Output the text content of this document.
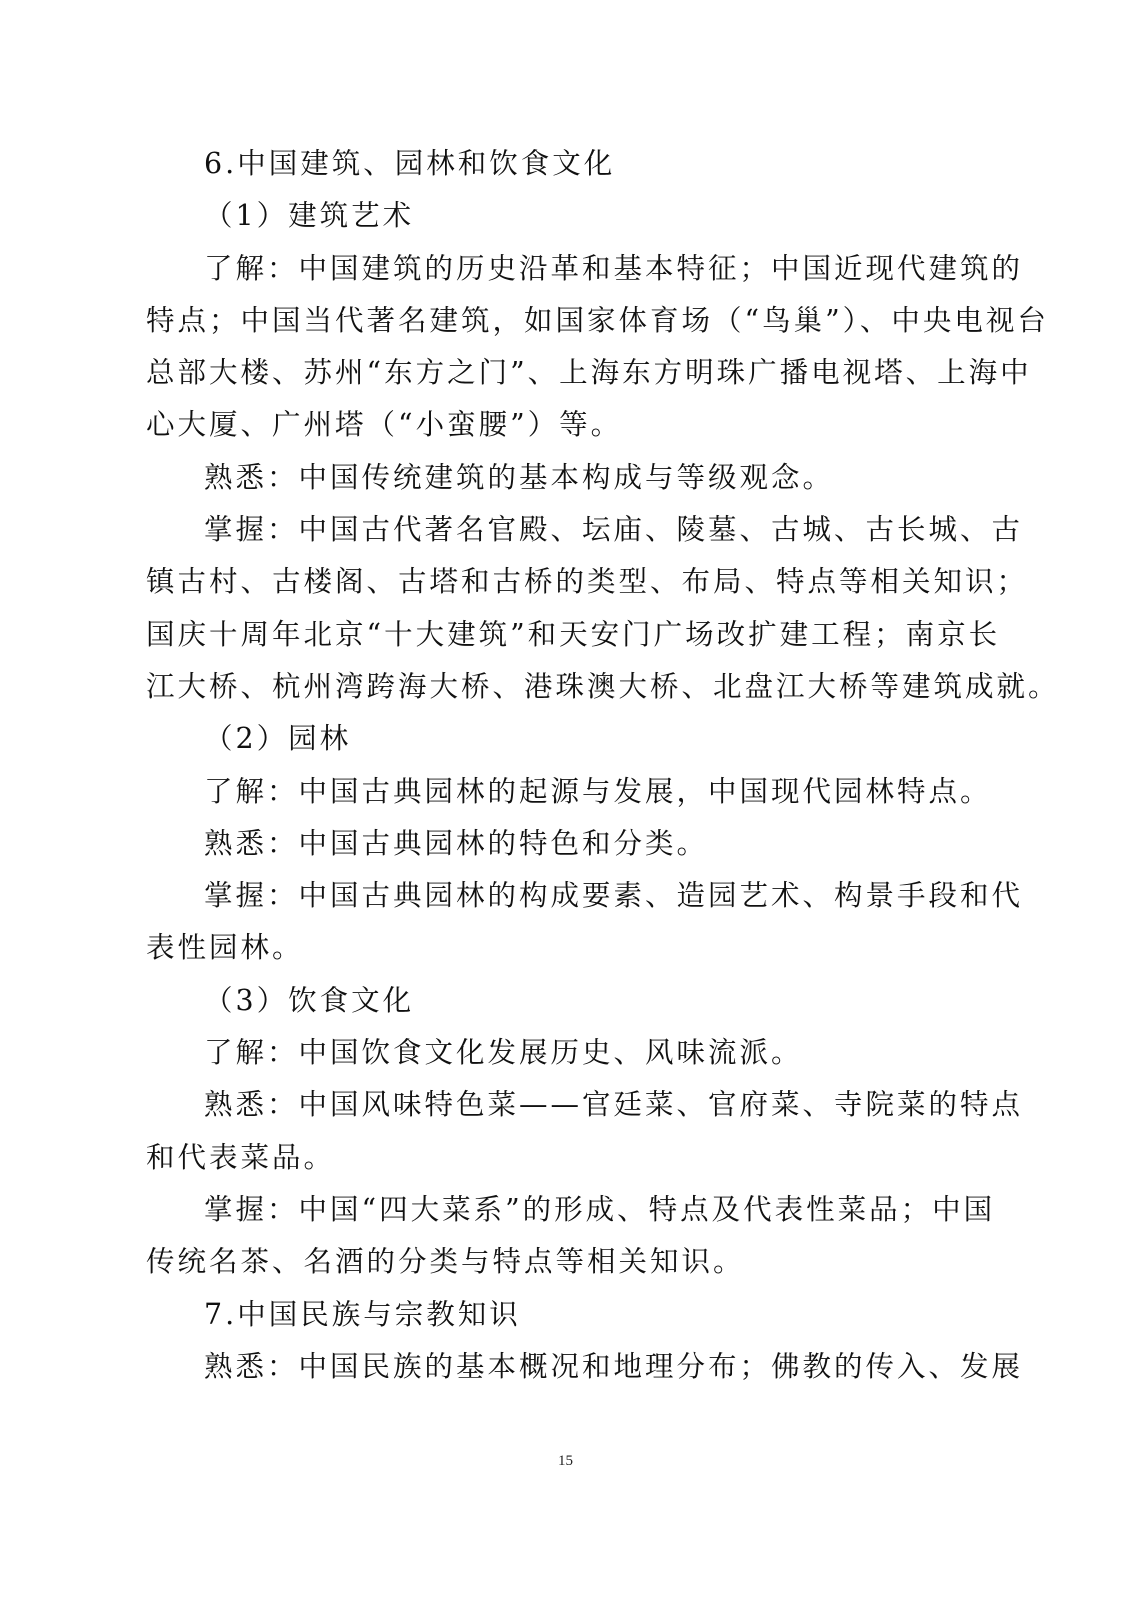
6.中国建筑、园林和饮食文化
（1）建筑艺术
了解：中国建筑的历史沿革和基本特征；中国近现代建筑的
特点；中国当代著名建筑，如国家体育场（“鸟巢”）、中央电视台
总部大楼、苏州“东方之门”、上海东方明珠广播电视塔、上海中
心大厦、广州塔（“小蛮腰”）等。
熟悉：中国传统建筑的基本构成与等级观念。
掌握：中国古代著名官殿、坛庙、陵墓、古城、古长城、古
镇古村、古楼阁、古塔和古桥的类型、布局、特点等相关知识；
国庆十周年北京“十大建筑”和天安门广场改扩建工程；南京长
江大桥、杭州湾跨海大桥、港珠澳大桥、北盘江大桥等建筑成就。
（2）园林
了解：中国古典园林的起源与发展，中国现代园林特点。
熟悉：中国古典园林的特色和分类。
掌握：中国古典园林的构成要素、造园艺术、构景手段和代
表性园林。
（3）饮食文化
了解：中国饮食文化发展历史、风味流派。
熟悉：中国风味特色菜——官廷菜、官府菜、寺院菜的特点
和代表菜品。
掌握：中国“四大菜系”的形成、特点及代表性菜品；中国
传统名茶、名酒的分类与特点等相关知识。
7.中国民族与宗教知识
熟悉：中国民族的基本概况和地理分布；佛教的传入、发展
15
